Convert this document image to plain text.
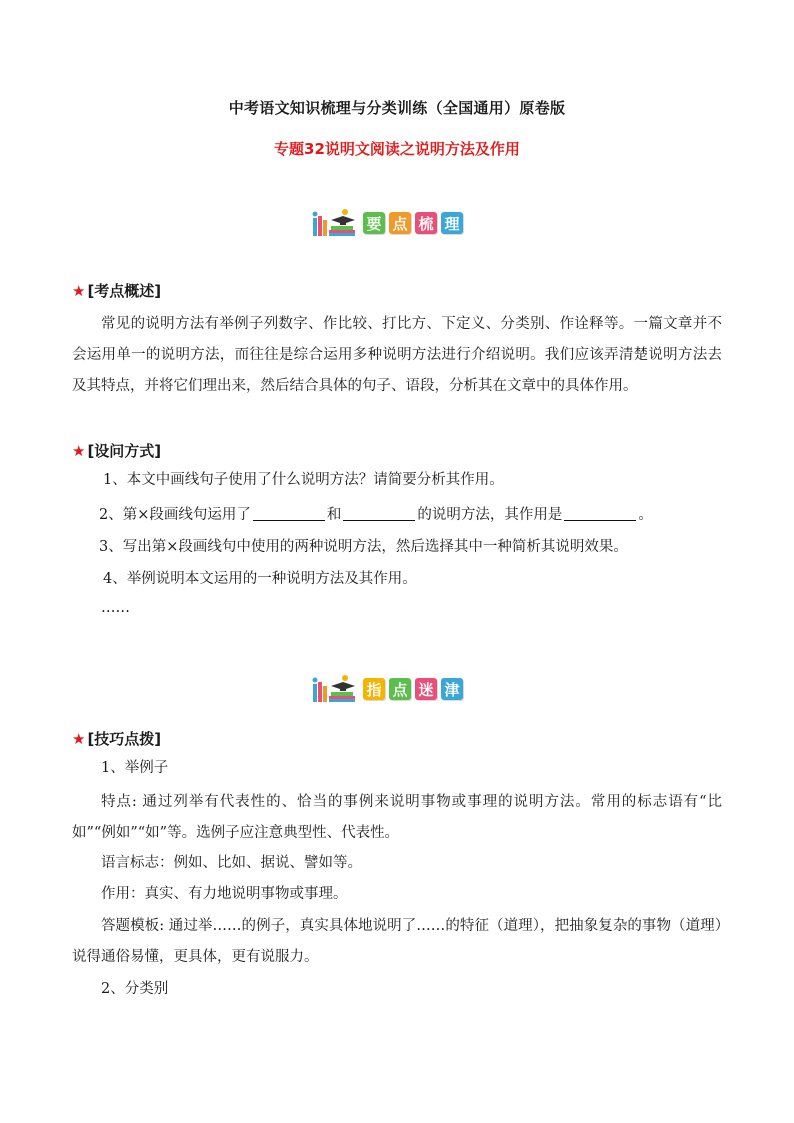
中考语文知识梳理与分类训练（全国通用）原卷版
专题32说明文阅读之说明方法及作用
要 点 梳 理
★ [考点概述]
常见的说明方法有举例子列数字、作比较、打比方、下定义、分类别、作诠释等。一篇文章并不会运用单一的说明方法，而往往是综合运用多种说明方法进行介绍说明。我们应该弄清楚说明方法去及其特点，并将它们理出来，然后结合具体的句子、语段，分析其在文章中的具体作用。
★ [设问方式]
1、本文中画线句子使用了什么说明方法？请简要分析其作用。
2、第×段画线句运用了	和	的说明方法，其作用是	。
3、写出第×段画线句中使用的两种说明方法，然后选择其中一种简析其说明效果。
4、举例说明本文运用的一种说明方法及其作用。
……
指 点 迷 津
★ [技巧点拨]
1、举例子
特点: 通过列举有代表性的、恰当的事例来说明事物或事理的说明方法。常用的标志语有“比如”“例如”“如”等。选例子应注意典型性、代表性。
语言标志：例如、比如、据说、譬如等。
作用：真实、有力地说明事物或事理。
答题模板: 通过举……的例子，真实具体地说明了……的特征（道理），把抽象复杂的事物（道理）说得通俗易懂，更具体，更有说服力。
2、分类别
